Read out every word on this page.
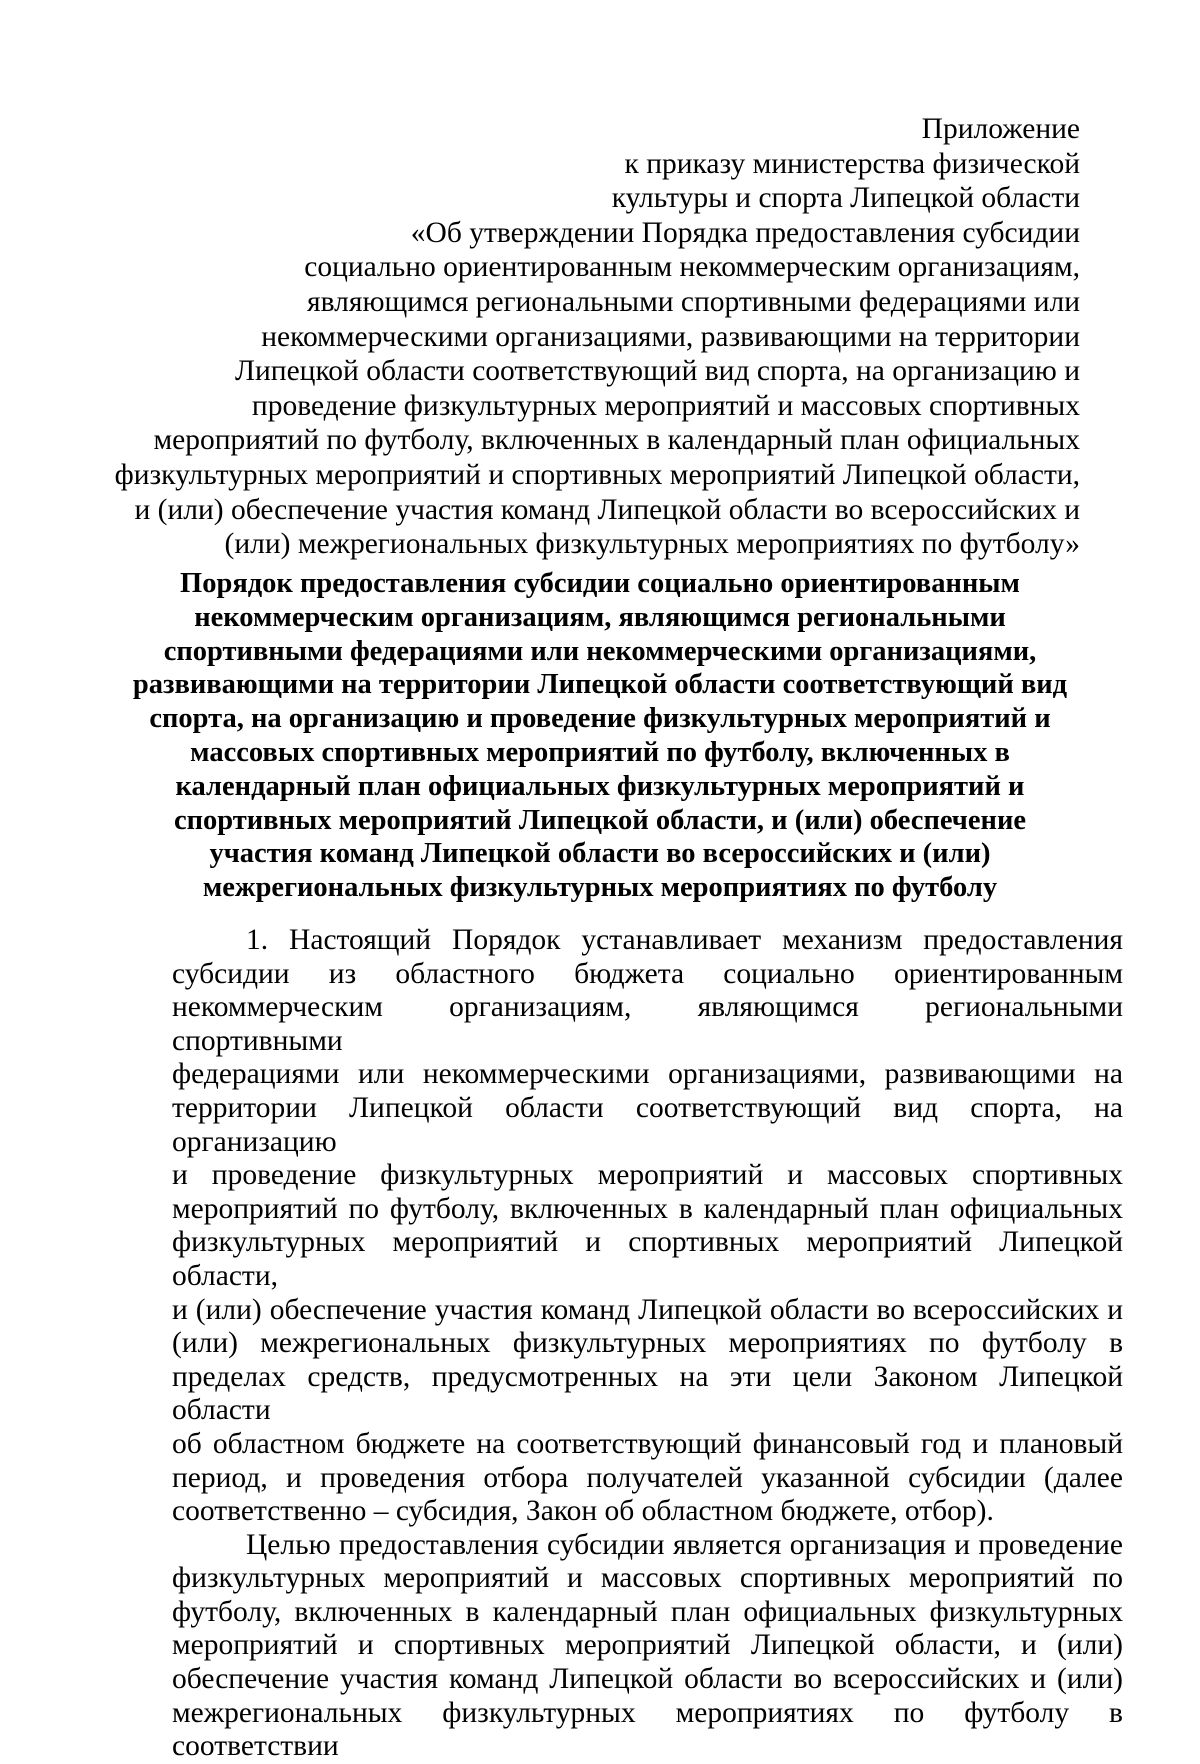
Приложение
к приказу министерства физической
культуры и спорта Липецкой области
«Об утверждении Порядка предоставления субсидии
социально ориентированным некоммерческим организациям,
являющимся региональными спортивными федерациями или
некоммерческими организациями, развивающими на территории
Липецкой области соответствующий вид спорта, на организацию и
проведение физкультурных мероприятий и массовых спортивных
мероприятий по футболу, включенных в календарный план официальных
физкультурных мероприятий и спортивных мероприятий Липецкой области,
и (или) обеспечение участия команд Липецкой области во всероссийских и
(или) межрегиональных физкультурных мероприятиях по футболу»
Порядок предоставления субсидии социально ориентированным
некоммерческим организациям, являющимся региональными
спортивными федерациями или некоммерческими организациями,
развивающими на территории Липецкой области соответствующий вид
спорта, на организацию и проведение физкультурных мероприятий и
массовых спортивных мероприятий по футболу, включенных в
календарный план официальных физкультурных мероприятий и
спортивных мероприятий Липецкой области, и (или) обеспечение
участия команд Липецкой области во всероссийских и (или)
межрегиональных физкультурных мероприятиях по футболу
1. Настоящий Порядок устанавливает механизм предоставления
субсидии из областного бюджета социально ориентированным
некоммерческим организациям, являющимся региональными спортивными
федерациями или некоммерческими организациями, развивающими на
территории Липецкой области соответствующий вид спорта, на организацию
и проведение физкультурных мероприятий и массовых спортивных
мероприятий по футболу, включенных в календарный план официальных
физкультурных мероприятий и спортивных мероприятий Липецкой области,
и (или) обеспечение участия команд Липецкой области во всероссийских и
(или) межрегиональных физкультурных мероприятиях по футболу в
пределах средств, предусмотренных на эти цели Законом Липецкой области
об областном бюджете на соответствующий финансовый год и плановый
период, и проведения отбора получателей указанной субсидии (далее
соответственно – субсидия, Закон об областном бюджете, отбор).
Целью предоставления субсидии является организация и проведение
физкультурных мероприятий и массовых спортивных мероприятий по
футболу, включенных в календарный план официальных физкультурных
мероприятий и спортивных мероприятий Липецкой области, и (или)
обеспечение участия команд Липецкой области во всероссийских и (или)
межрегиональных физкультурных мероприятиях по футболу в соответствии
